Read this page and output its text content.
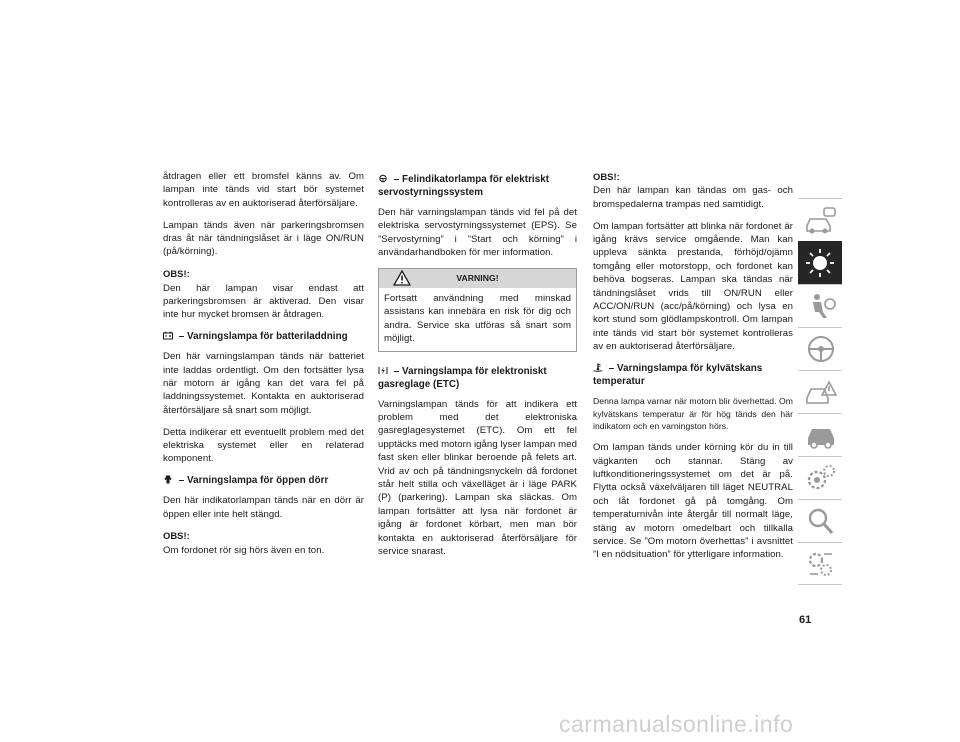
åtdragen eller ett bromsfel känns av. Om lampan inte tänds vid start bör systemet kontrolleras av en auktoriserad återförsäljare.

Lampan tänds även när parkeringsbromsen dras åt när tändningslåset är i läge ON/RUN (på/körning).

OBS!:
Den här lampan visar endast att parkeringsbromsen är aktiverad. Den visar inte hur mycket bromsen är åtdragen.

– Varningslampa för batteriladdning

Den här varningslampan tänds när batteriet inte laddas ordentligt. Om den fortsätter lysa när motorn är igång kan det vara fel på laddningssystemet. Kontakta en auktoriserad återförsäljare så snart som möjligt.

Detta indikerar ett eventuellt problem med det elektriska systemet eller en relaterad komponent.

– Varningslampa för öppen dörr

Den här indikatorlampan tänds när en dörr är öppen eller inte helt stängd.

OBS!:
Om fordonet rör sig hörs även en ton.

– Felindikatorlampa för elektriskt servostyrningssystem

Den här varningslampan tänds vid fel på det elektriska servostyrningssystemet (EPS). Se ”Servostyrning” i ”Start och körning” i användarhandboken för mer information.

VARNING!
Fortsatt användning med minskad assistans kan innebära en risk för dig och andra. Service ska utföras så snart som möjligt.
– Varningslampa för elektroniskt gasreglage (ETC)

Varningslampan tänds för att indikera ett problem med det elektroniska gasreglagesystemet (ETC). Om ett fel upptäcks med motorn igång lyser lampan med fast sken eller blinkar beroende på felets art. Vrid av och på tändningsnyckeln då fordonet står helt stilla och växelläget är i läge PARK (P) (parkering). Lampan ska släckas. Om lampan fortsätter att lysa när fordonet är igång är fordonet körbart, men man bör kontakta en auktoriserad återförsäljare för service snarast.

OBS!:
Den här lampan kan tändas om gas- och bromspedalerna trampas ned samtidigt.

Om lampan fortsätter att blinka när fordonet är igång krävs service omgående. Man kan uppleva sänkta prestanda, förhöjd/ojämn tomgång eller motorstopp, och fordonet kan behöva bogseras. Lampan ska tändas när tändningslåset vrids till ON/RUN eller ACC/ON/RUN (acc/på/körning) och lysa en kort stund som glödlampskontroll. Om lampan inte tänds vid start bör systemet kontrolleras av en auktoriserad återförsäljare.

– Varningslampa för kylvätskans temperatur

Denna lampa varnar när motorn blir överhettad. Om kylvätskans temperatur är för hög tänds den här indikatorn och en varningston hörs.

Om lampan tänds under körning kör du in till vägkanten och stannar. Stäng av luftkonditioneringssystemet om det är på. Flytta också växelväljaren till läget NEUTRAL och låt fordonet gå på tomgång. Om temperaturnivån inte återgår till normalt läge, stäng av motorn omedelbart och tillkalla service. Se ”Om motorn överhettas” i avsnittet ”I en nödsituation” för ytterligare information.

61
carmanualsonline.info
